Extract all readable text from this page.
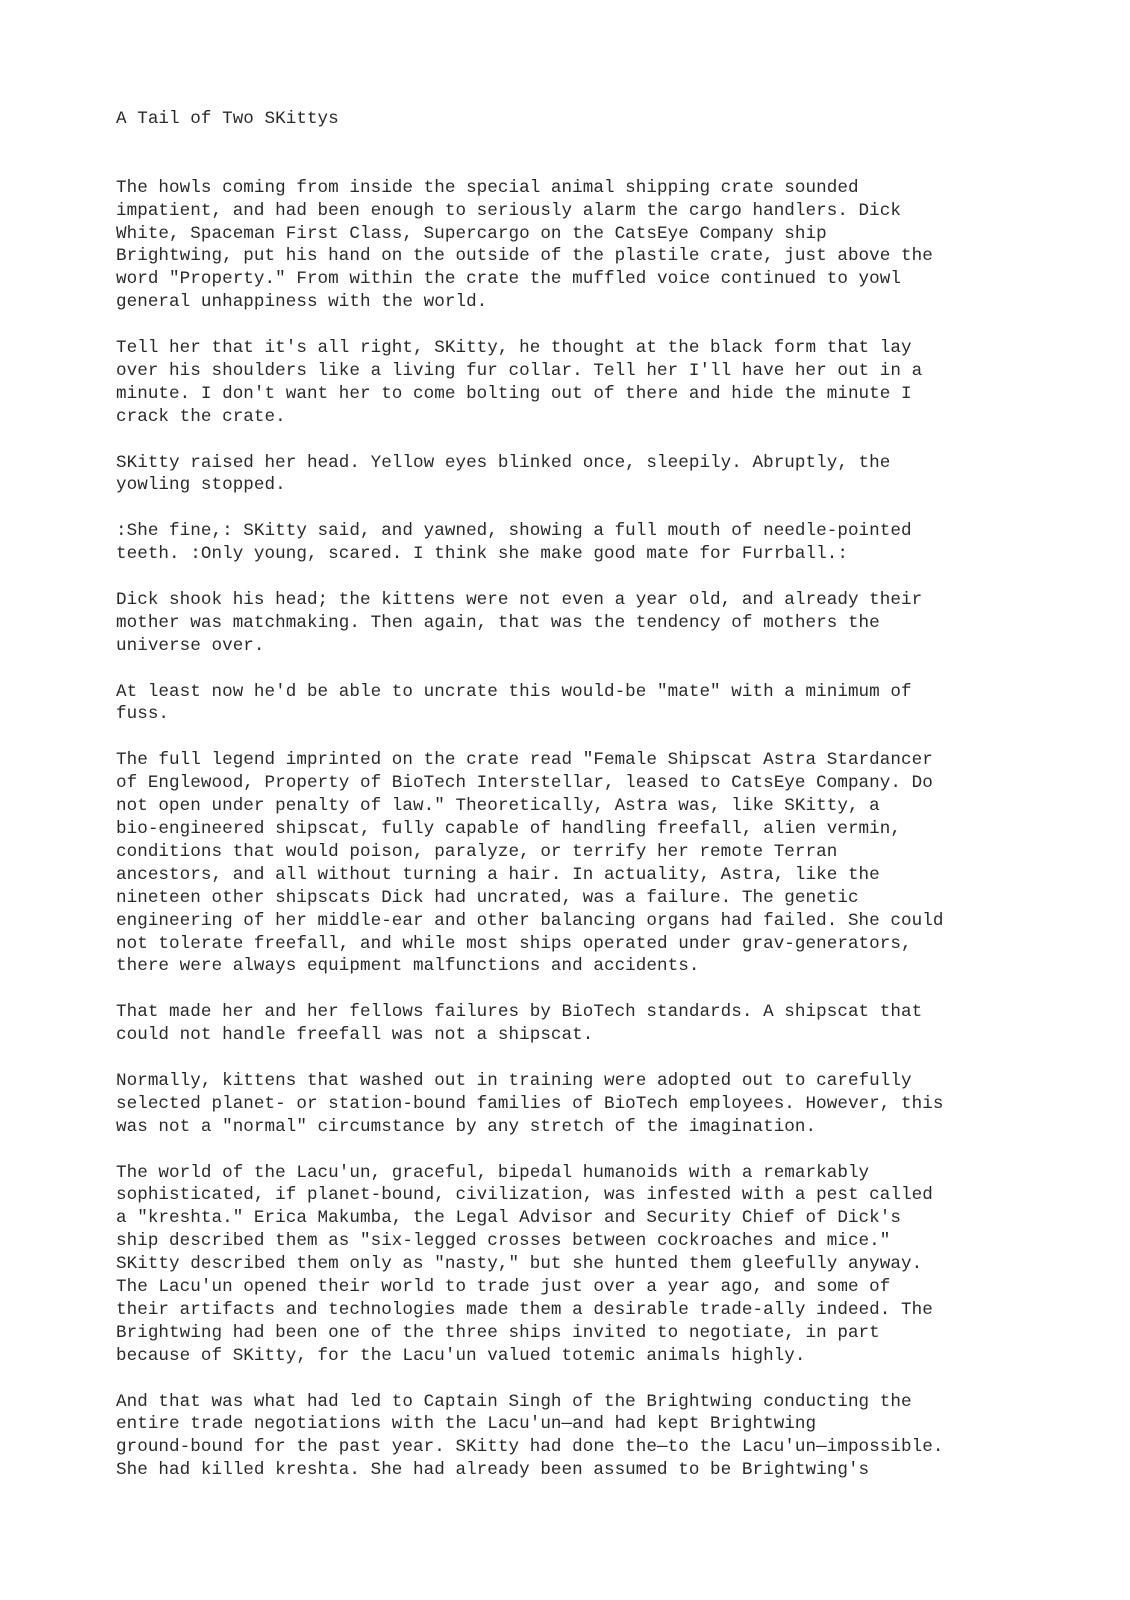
A Tail of Two SKittys

The howls coming from inside the special animal shipping crate sounded
impatient, and had been enough to seriously alarm the cargo handlers. Dick
White, Spaceman First Class, Supercargo on the CatsEye Company ship
Brightwing, put his hand on the outside of the plastile crate, just above the
word "Property." From within the crate the muffled voice continued to yowl
general unhappiness with the world.

Tell her that it's all right, SKitty, he thought at the black form that lay
over his shoulders like a living fur collar. Tell her I'll have her out in a
minute. I don't want her to come bolting out of there and hide the minute I
crack the crate.

SKitty raised her head. Yellow eyes blinked once, sleepily. Abruptly, the
yowling stopped.

:She fine,: SKitty said, and yawned, showing a full mouth of needle-pointed
teeth. :Only young, scared. I think she make good mate for Furrball.:

Dick shook his head; the kittens were not even a year old, and already their
mother was matchmaking. Then again, that was the tendency of mothers the
universe over.

At least now he'd be able to uncrate this would-be "mate" with a minimum of
fuss.

The full legend imprinted on the crate read "Female Shipscat Astra Stardancer
of Englewood, Property of BioTech Interstellar, leased to CatsEye Company. Do
not open under penalty of law." Theoretically, Astra was, like SKitty, a
bio-engineered shipscat, fully capable of handling freefall, alien vermin,
conditions that would poison, paralyze, or terrify her remote Terran
ancestors, and all without turning a hair. In actuality, Astra, like the
nineteen other shipscats Dick had uncrated, was a failure. The genetic
engineering of her middle-ear and other balancing organs had failed. She could
not tolerate freefall, and while most ships operated under grav-generators,
there were always equipment malfunctions and accidents.

That made her and her fellows failures by BioTech standards. A shipscat that
could not handle freefall was not a shipscat.

Normally, kittens that washed out in training were adopted out to carefully
selected planet- or station-bound families of BioTech employees. However, this
was not a "normal" circumstance by any stretch of the imagination.

The world of the Lacu'un, graceful, bipedal humanoids with a remarkably
sophisticated, if planet-bound, civilization, was infested with a pest called
a "kreshta." Erica Makumba, the Legal Advisor and Security Chief of Dick's
ship described them as "six-legged crosses between cockroaches and mice."
SKitty described them only as "nasty," but she hunted them gleefully anyway.
The Lacu'un opened their world to trade just over a year ago, and some of
their artifacts and technologies made them a desirable trade-ally indeed. The
Brightwing had been one of the three ships invited to negotiate, in part
because of SKitty, for the Lacu'un valued totemic animals highly.

And that was what had led to Captain Singh of the Brightwing conducting the
entire trade negotiations with the Lacu'un—and had kept Brightwing
ground-bound for the past year. SKitty had done the—to the Lacu'un—impossible.
She had killed kreshta. She had already been assumed to be Brightwing's
